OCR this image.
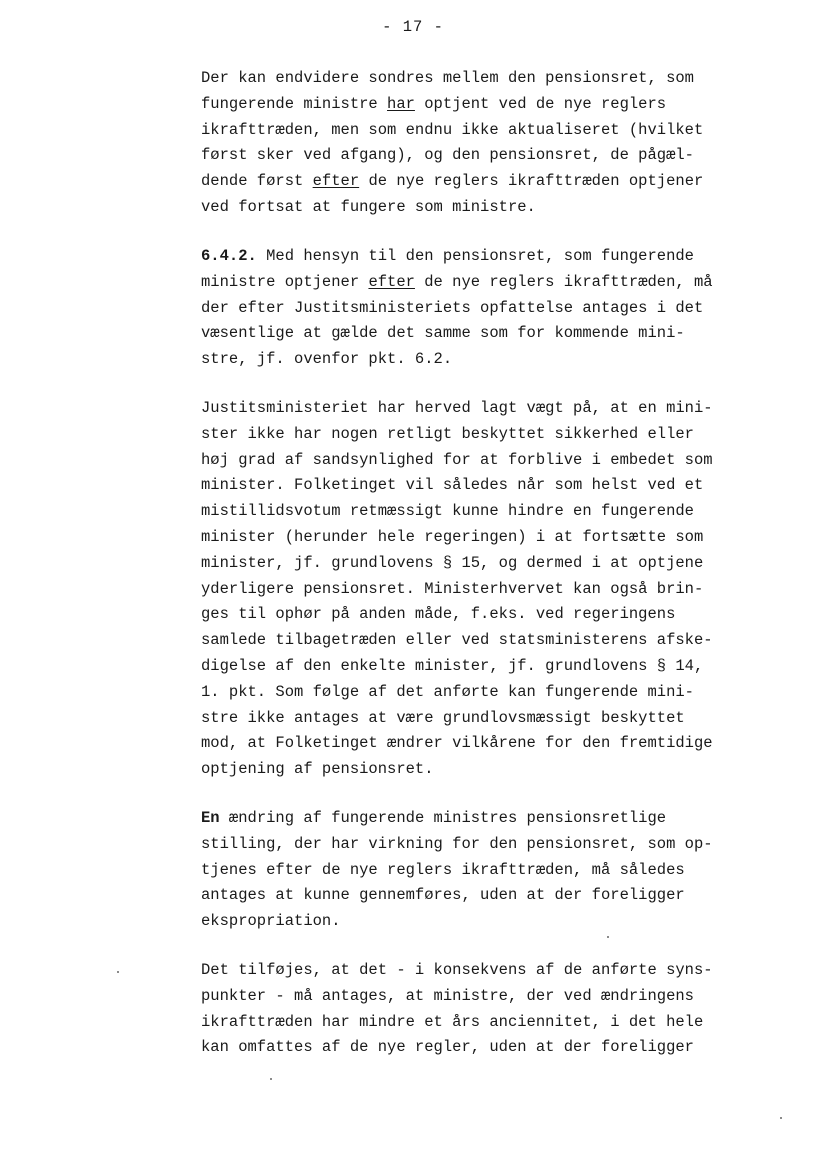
- 17 -
Der kan endvidere sondres mellem den pensionsret, som
fungerende ministre har optjent ved de nye reglers
ikrafttræden, men som endnu ikke aktualiseret (hvilket
først sker ved afgang), og den pensionsret, de pågæl-
dende først efter de nye reglers ikrafttræden optjener
ved fortsat at fungere som ministre.
6.4.2. Med hensyn til den pensionsret, som fungerende
ministre optjener efter de nye reglers ikrafttræden, må
der efter Justitsministeriets opfattelse antages i det
væsentlige at gælde det samme som for kommende mini-
stre, jf. ovenfor pkt. 6.2.
Justitsministeriet har herved lagt vægt på, at en mini-
ster ikke har nogen retligt beskyttet sikkerhed eller
høj grad af sandsynlighed for at forblive i embedet som
minister. Folketinget vil således når som helst ved et
mistillidsvotum retmæssigt kunne hindre en fungerende
minister (herunder hele regeringen) i at fortsætte som
minister, jf. grundlovens § 15, og dermed i at optjene
yderligere pensionsret. Ministerhvervet kan også brin-
ges til ophør på anden måde, f.eks. ved regeringens
samlede tilbagetræden eller ved statsministerens afske-
digelse af den enkelte minister, jf. grundlovens § 14,
1. pkt. Som følge af det anførte kan fungerende mini-
stre ikke antages at være grundlovsmæssigt beskyttet
mod, at Folketinget ændrer vilkårene for den fremtidige
optjening af pensionsret.
En ændring af fungerende ministres pensionsretlige
stilling, der har virkning for den pensionsret, som op-
tjenes efter de nye reglers ikrafttræden, må således
antages at kunne gennemføres, uden at der foreligger
ekspropriation.
Det tilføjes, at det - i konsekvens af de anførte syns-
punkter - må antages, at ministre, der ved ændringens
ikrafttræden har mindre et års anciennitet, i det hele
kan omfattes af de nye regler, uden at der foreligger
